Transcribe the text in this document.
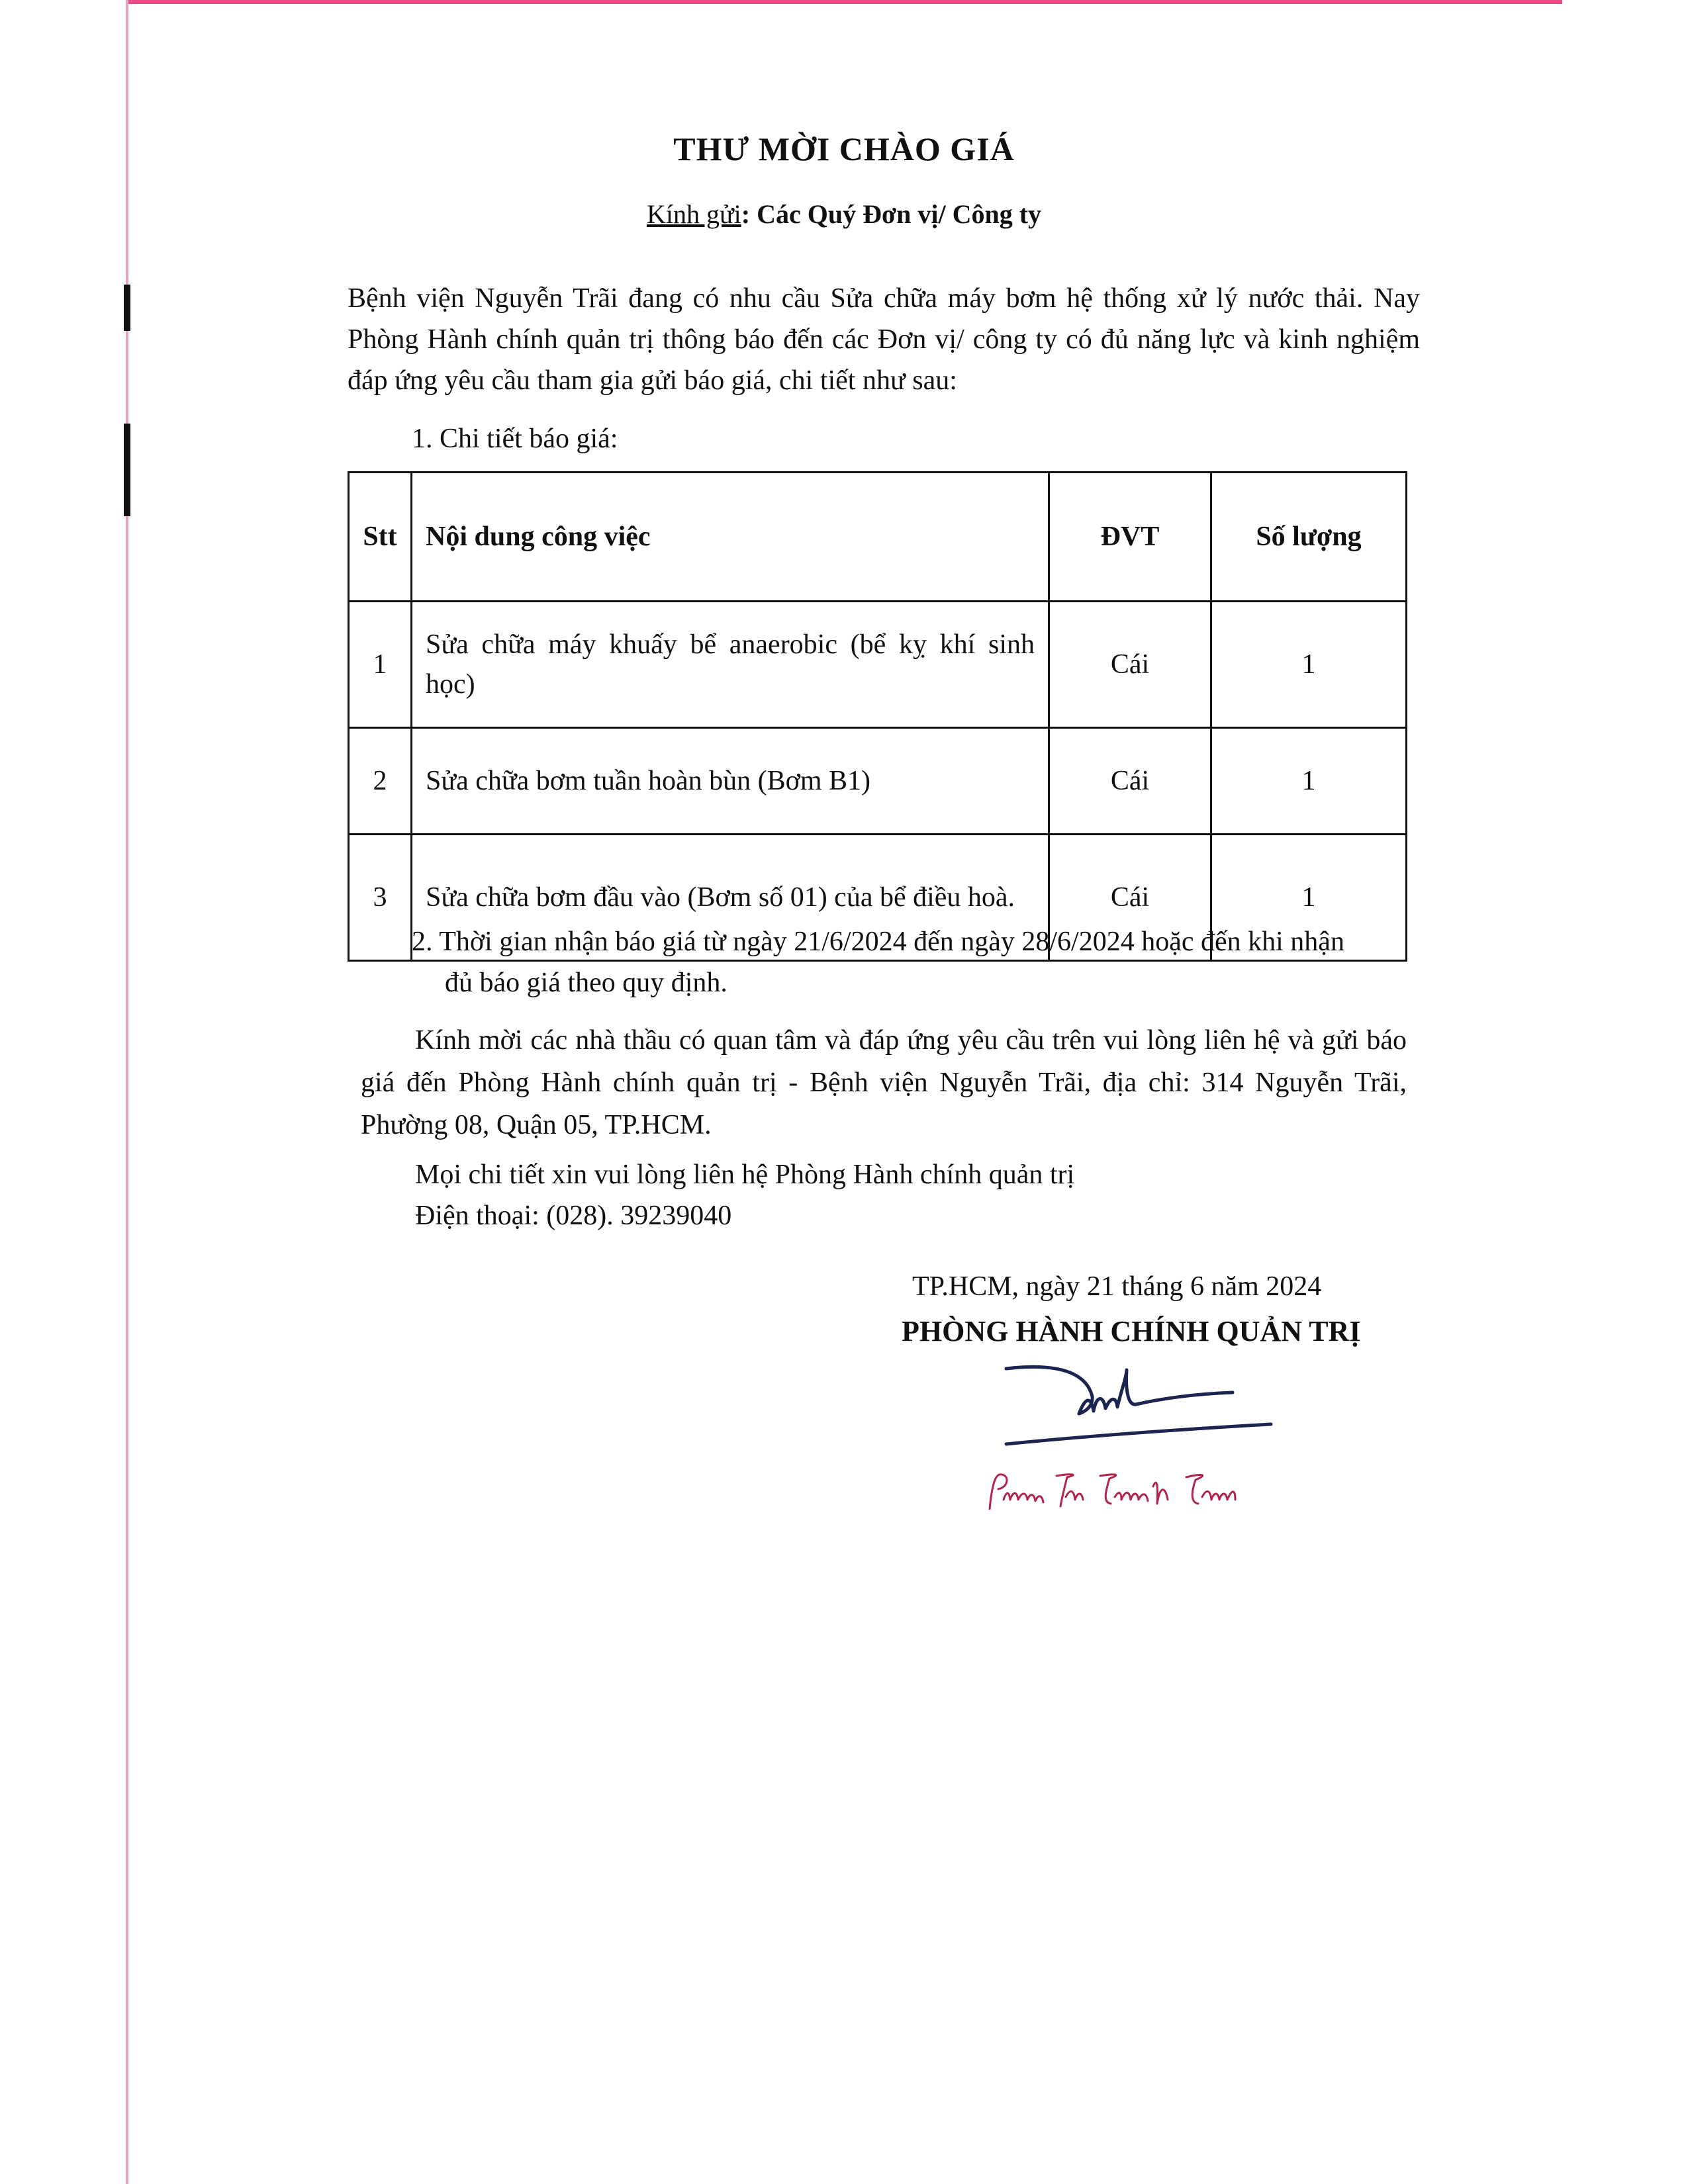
THƯ MỜI CHÀO GIÁ
Kính gửi: Các Quý Đơn vị/ Công ty
Bệnh viện Nguyễn Trãi đang có nhu cầu Sửa chữa máy bơm hệ thống xử lý nước thải. Nay Phòng Hành chính quản trị thông báo đến các Đơn vị/ công ty có đủ năng lực và kinh nghiệm đáp ứng yêu cầu tham gia gửi báo giá, chi tiết như sau:
1. Chi tiết báo giá:
Stt	Nội dung công việc	ĐVT	Số lượng
1	Sửa chữa máy khuấy bể anaerobic (bể kỵ khí sinh học)	Cái	1
2	Sửa chữa bơm tuần hoàn bùn (Bơm B1)	Cái	1
3	Sửa chữa bơm đầu vào (Bơm số 01) của bể điều hoà.	Cái	1
2. Thời gian nhận báo giá từ ngày 21/6/2024 đến ngày 28/6/2024 hoặc đến khi nhận
đủ báo giá theo quy định.
Kính mời các nhà thầu có quan tâm và đáp ứng yêu cầu trên vui lòng liên hệ và gửi báo giá đến Phòng Hành chính quản trị - Bệnh viện Nguyễn Trãi, địa chỉ: 314 Nguyễn Trãi, Phường 08, Quận 05, TP.HCM.
Mọi chi tiết xin vui lòng liên hệ Phòng Hành chính quản trị
Điện thoại: (028). 39239040
TP.HCM, ngày 21 tháng 6 năm 2024
PHÒNG HÀNH CHÍNH QUẢN TRỊ
